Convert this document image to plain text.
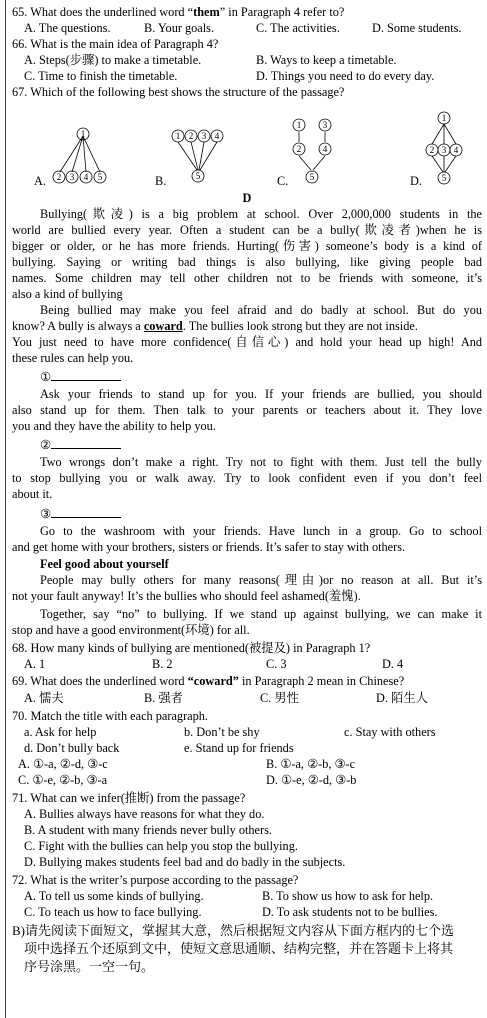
65. What does the underlined word “them” in Paragraph 4 refer to?
A. The questions.	B. Your goals.	C. The activities.	D. Some students.
66. What is the main idea of Paragraph 4?
A. Steps(步骤) to make a timetable.	B. Ways to keep a timetable.
C. Time to finish the timetable.	D. Things you need to do every day.
67. Which of the following best shows the structure of the passage?
1
2 3 4 5
A.
1 2 3 4
5
B.
1 3
2 4
5
C.
1
2 3 4
5
D.
D
Bullying(欺凌) is a big problem at school. Over 2,000,000 students in the
world are bullied every year. Often a student can be a bully(欺凌者)when he is
bigger or older, or he has more friends. Hurting(伤害) someone’s body is a kind of
bullying. Saying or writing bad things is also bullying, like giving people bad
names. Some children may tell other children not to be friends with someone, it’s
also a kind of bullying
Being bullied may make you feel afraid and do badly at school. But do you
know? A bully is always a coward. The bullies look strong but they are not inside.
You just need to have more confidence(自信心) and hold your head up high! And
these rules can help you.
①
Ask your friends to stand up for you. If your friends are bullied, you should
also stand up for them. Then talk to your parents or teachers about it. They love
you and they have the ability to help you.
②
Two wrongs don’t make a right. Try not to fight with them. Just tell the bully
to stop bullying you or walk away. Try to look confident even if you don’t feel
about it.
③
Go to the washroom with your friends. Have lunch in a group. Go to school
and get home with your brothers, sisters or friends. It’s safer to stay with others.
Feel good about yourself
People may bully others for many reasons(理由)or no reason at all. But it’s
not your fault anyway! It’s the bullies who should feel ashamed(羞愧).
Together, say “no” to bullying. If we stand up against bullying, we can make it
stop and have a good environment(环境) for all.
68. How many kinds of bullying are mentioned(被提及) in Paragraph 1?
A. 1	B. 2	C. 3	D. 4
69. What does the underlined word “coward” in Paragraph 2 mean in Chinese?
A. 懦夫	B. 强者	C. 男性	D. 陌生人
70. Match the title with each paragraph.
a. Ask for help	b. Don’t be shy	c. Stay with others
d. Don’t bully back	e. Stand up for friends
A. ①-a, ②-d, ③-c	B. ①-a, ②-b, ③-c
C. ①-e, ②-b, ③-a	D. ①-e, ②-d, ③-b
71. What can we infer(推断) from the passage?
A. Bullies always have reasons for what they do.
B. A student with many friends never bully others.
C. Fight with the bullies can help you stop the bullying.
D. Bullying makes students feel bad and do badly in the subjects.
72. What is the writer’s purpose according to the passage?
A. To tell us some kinds of bullying.	B. To show us how to ask for help.
C. To teach us how to face bullying.	D. To ask students not to be bullies.
B)请先阅读下面短文，掌握其大意，然后根据短文内容从下面方框内的七个选
项中选择五个还原到文中，使短文意思通顺、结构完整，并在答题卡上将其
序号涂黑。一空一句。
